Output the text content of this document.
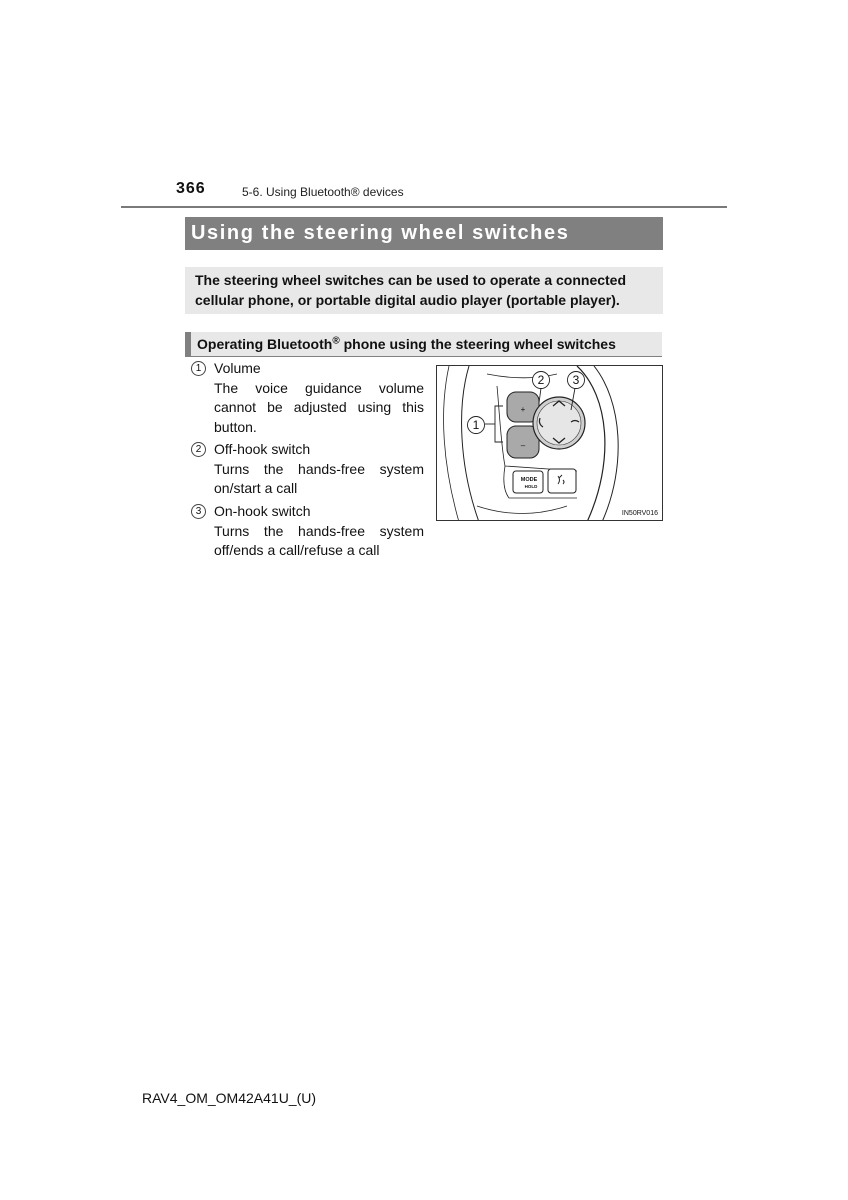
366	5-6. Using Bluetooth® devices
Using the steering wheel switches
The steering wheel switches can be used to operate a connected cellular phone, or portable digital audio player (portable player).
Operating Bluetooth® phone using the steering wheel switches
1 Volume
The voice guidance volume cannot be adjusted using this button.
2 Off-hook switch
Turns the hands-free system on/start a call
3 On-hook switch
Turns the hands-free system off/ends a call/refuse a call
1
2 3
+
–
MODE
HOLD
IN50RV016
RAV4_OM_OM42A41U_(U)
